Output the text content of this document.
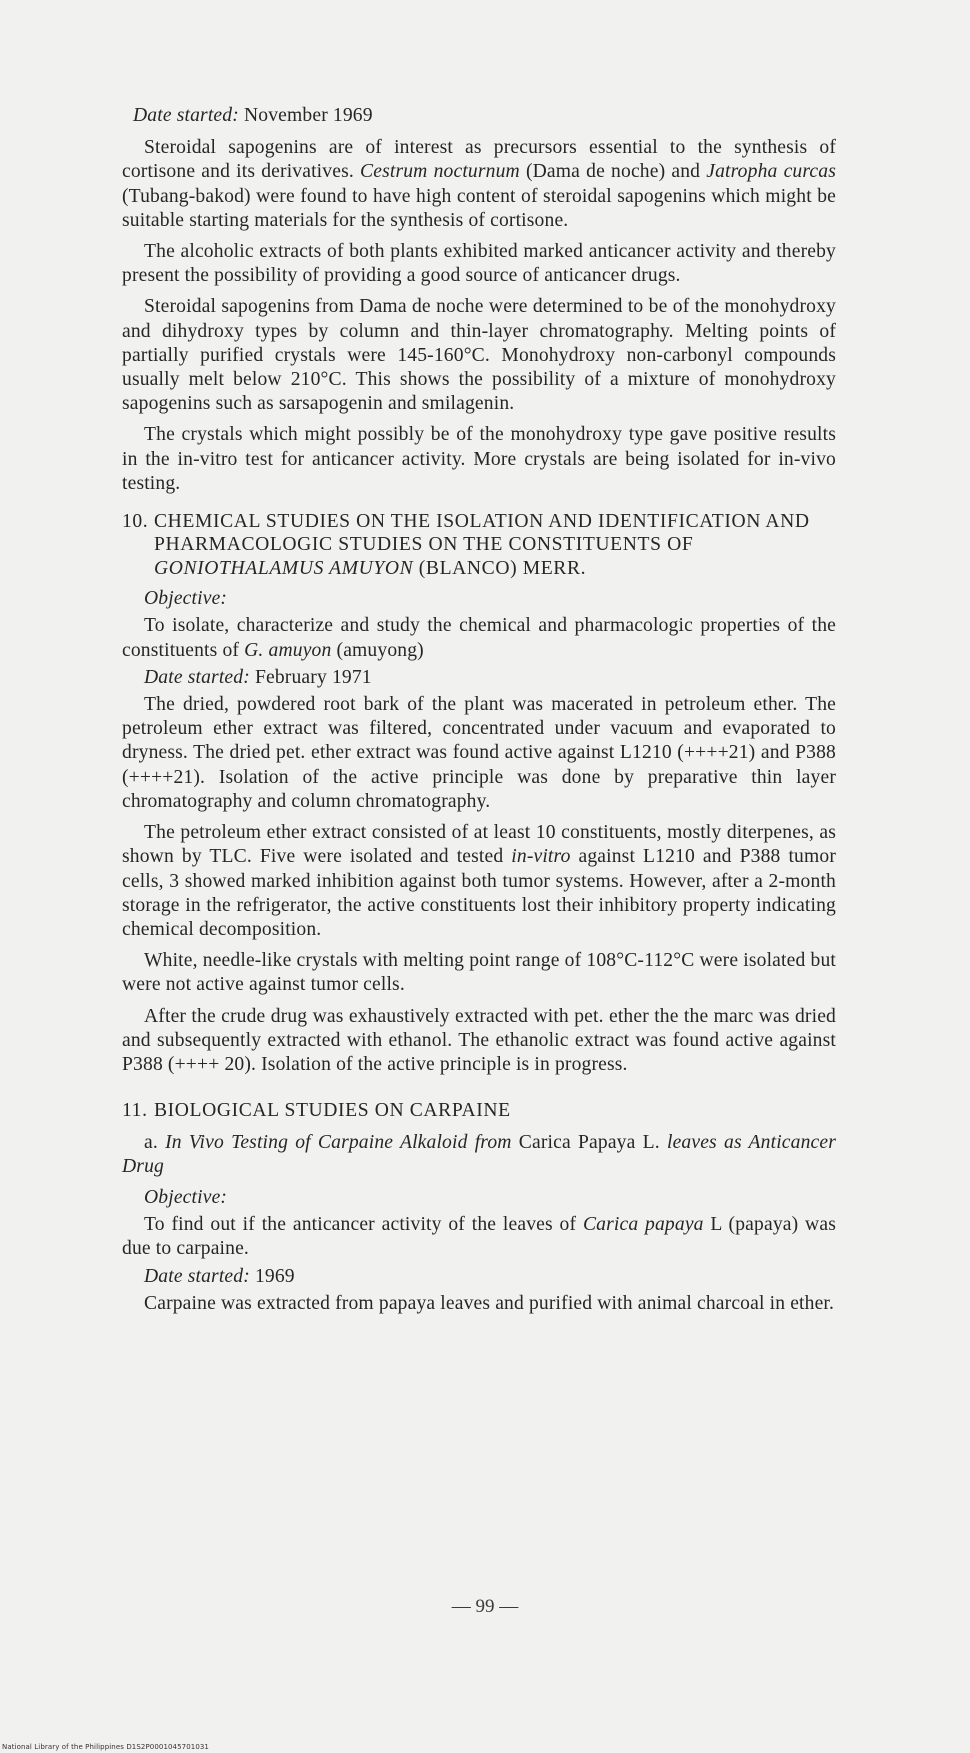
Date started: November 1969

Steroidal sapogenins are of interest as precursors essential to the synthesis of cortisone and its derivatives. Cestrum nocturnum (Dama de noche) and Jatropha curcas (Tubang-bakod) were found to have high content of steroidal sapogenins which might be suitable starting materials for the synthesis of cortisone.

The alcoholic extracts of both plants exhibited marked anticancer activity and thereby present the possibility of providing a good source of anticancer drugs.

Steroidal sapogenins from Dama de noche were determined to be of the monohydroxy and dihydroxy types by column and thin-layer chromatography. Melting points of partially purified crystals were 145-160°C. Monohydroxy non-carbonyl compounds usually melt below 210°C. This shows the possibility of a mixture of monohydroxy sapogenins such as sarsapogenin and smilagenin.

The crystals which might possibly be of the monohydroxy type gave positive results in the in-vitro test for anticancer activity. More crystals are being isolated for in-vivo testing.

10. CHEMICAL STUDIES ON THE ISOLATION AND IDENTIFICATION AND PHARMACOLOGIC STUDIES ON THE CONSTITUENTS OF GONIOTHALAMUS AMUYON (BLANCO) MERR.
Objective:

To isolate, characterize and study the chemical and pharmacologic properties of the constituents of G. amuyon (amuyong)

Date started: February 1971

The dried, powdered root bark of the plant was macerated in petroleum ether. The petroleum ether extract was filtered, concentrated under vacuum and evaporated to dryness. The dried pet. ether extract was found active against L1210 (++++21) and P388 (++++21). Isolation of the active principle was done by preparative thin layer chromatography and column chromatography.

The petroleum ether extract consisted of at least 10 constituents, mostly diterpenes, as shown by TLC. Five were isolated and tested in-vitro against L1210 and P388 tumor cells, 3 showed marked inhibition against both tumor systems. However, after a 2-month storage in the refrigerator, the active constituents lost their inhibitory property indicating chemical decomposition.

White, needle-like crystals with melting point range of 108°C-112°C were isolated but were not active against tumor cells.

After the crude drug was exhaustively extracted with pet. ether the the marc was dried and subsequently extracted with ethanol. The ethanolic extract was found active against P388 (++++ 20). Isolation of the active principle is in progress.

11. BIOLOGICAL STUDIES ON CARPAINE

a. In Vivo Testing of Carpaine Alkaloid from Carica Papaya L. leaves as Anticancer Drug

Objective:

To find out if the anticancer activity of the leaves of Carica papaya L (papaya) was due to carpaine.

Date started: 1969

Carpaine was extracted from papaya leaves and purified with animal charcoal in ether.

— 99 —
National Library of the Philippines D1S2P0001045701031
